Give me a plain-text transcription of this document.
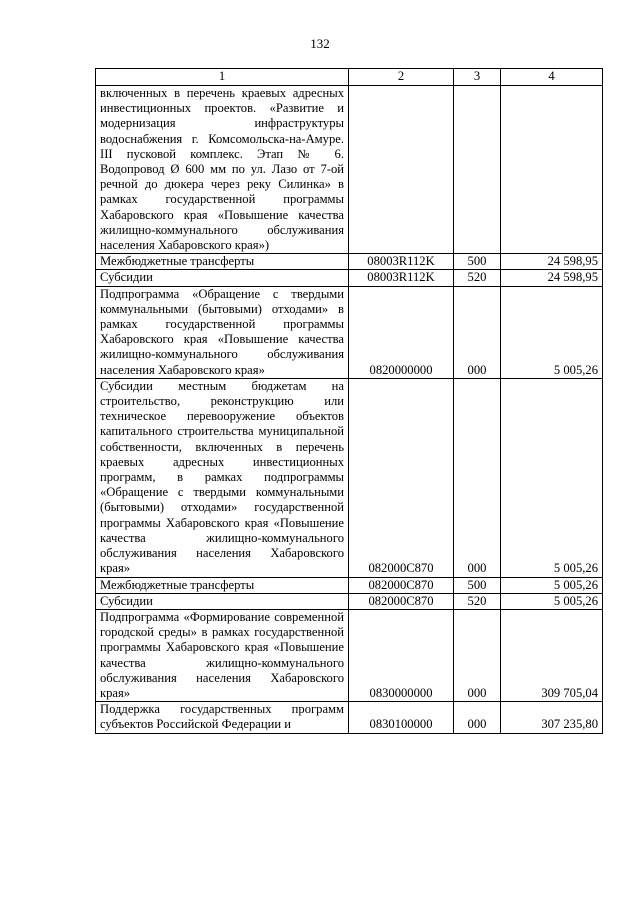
132
1	2	3	4
включенных в перечень краевых адресных инвестиционных проектов. «Развитие и модернизация инфраструктуры водоснабжения г. Комсомольска-на-Амуре. III пусковой комплекс. Этап № 6. Водопровод Ø 600 мм по ул. Лазо от 7-ой речной до дюкера через реку Силинка» в рамках государственной программы Хабаровского края «Повышение качества жилищно-коммунального обслуживания населения Хабаровского края»)			
Межбюджетные трансферты	08003R112K	500	24 598,95
Субсидии	08003R112K	520	24 598,95
Подпрограмма «Обращение с твердыми коммунальными (бытовыми) отходами» в рамках государственной программы Хабаровского края «Повышение качества жилищно-коммунального обслуживания населения Хабаровского края»	0820000000	000	5 005,26
Субсидии местным бюджетам на строительство, реконструкцию или техническое перевооружение объектов капитального строительства муниципальной собственности, включенных в перечень краевых адресных инвестиционных программ, в рамках подпрограммы «Обращение с твердыми коммунальными (бытовыми) отходами» государственной программы Хабаровского края «Повышение качества жилищно-коммунального обслуживания населения Хабаровского края»	082000C870	000	5 005,26
Межбюджетные трансферты	082000C870	500	5 005,26
Субсидии	082000C870	520	5 005,26
Подпрограмма «Формирование современной городской среды» в рамках государственной программы Хабаровского края «Повышение качества жилищно-коммунального обслуживания населения Хабаровского края»	0830000000	000	309 705,04
Поддержка государственных программ субъектов Российской Федерации и	0830100000	000	307 235,80
